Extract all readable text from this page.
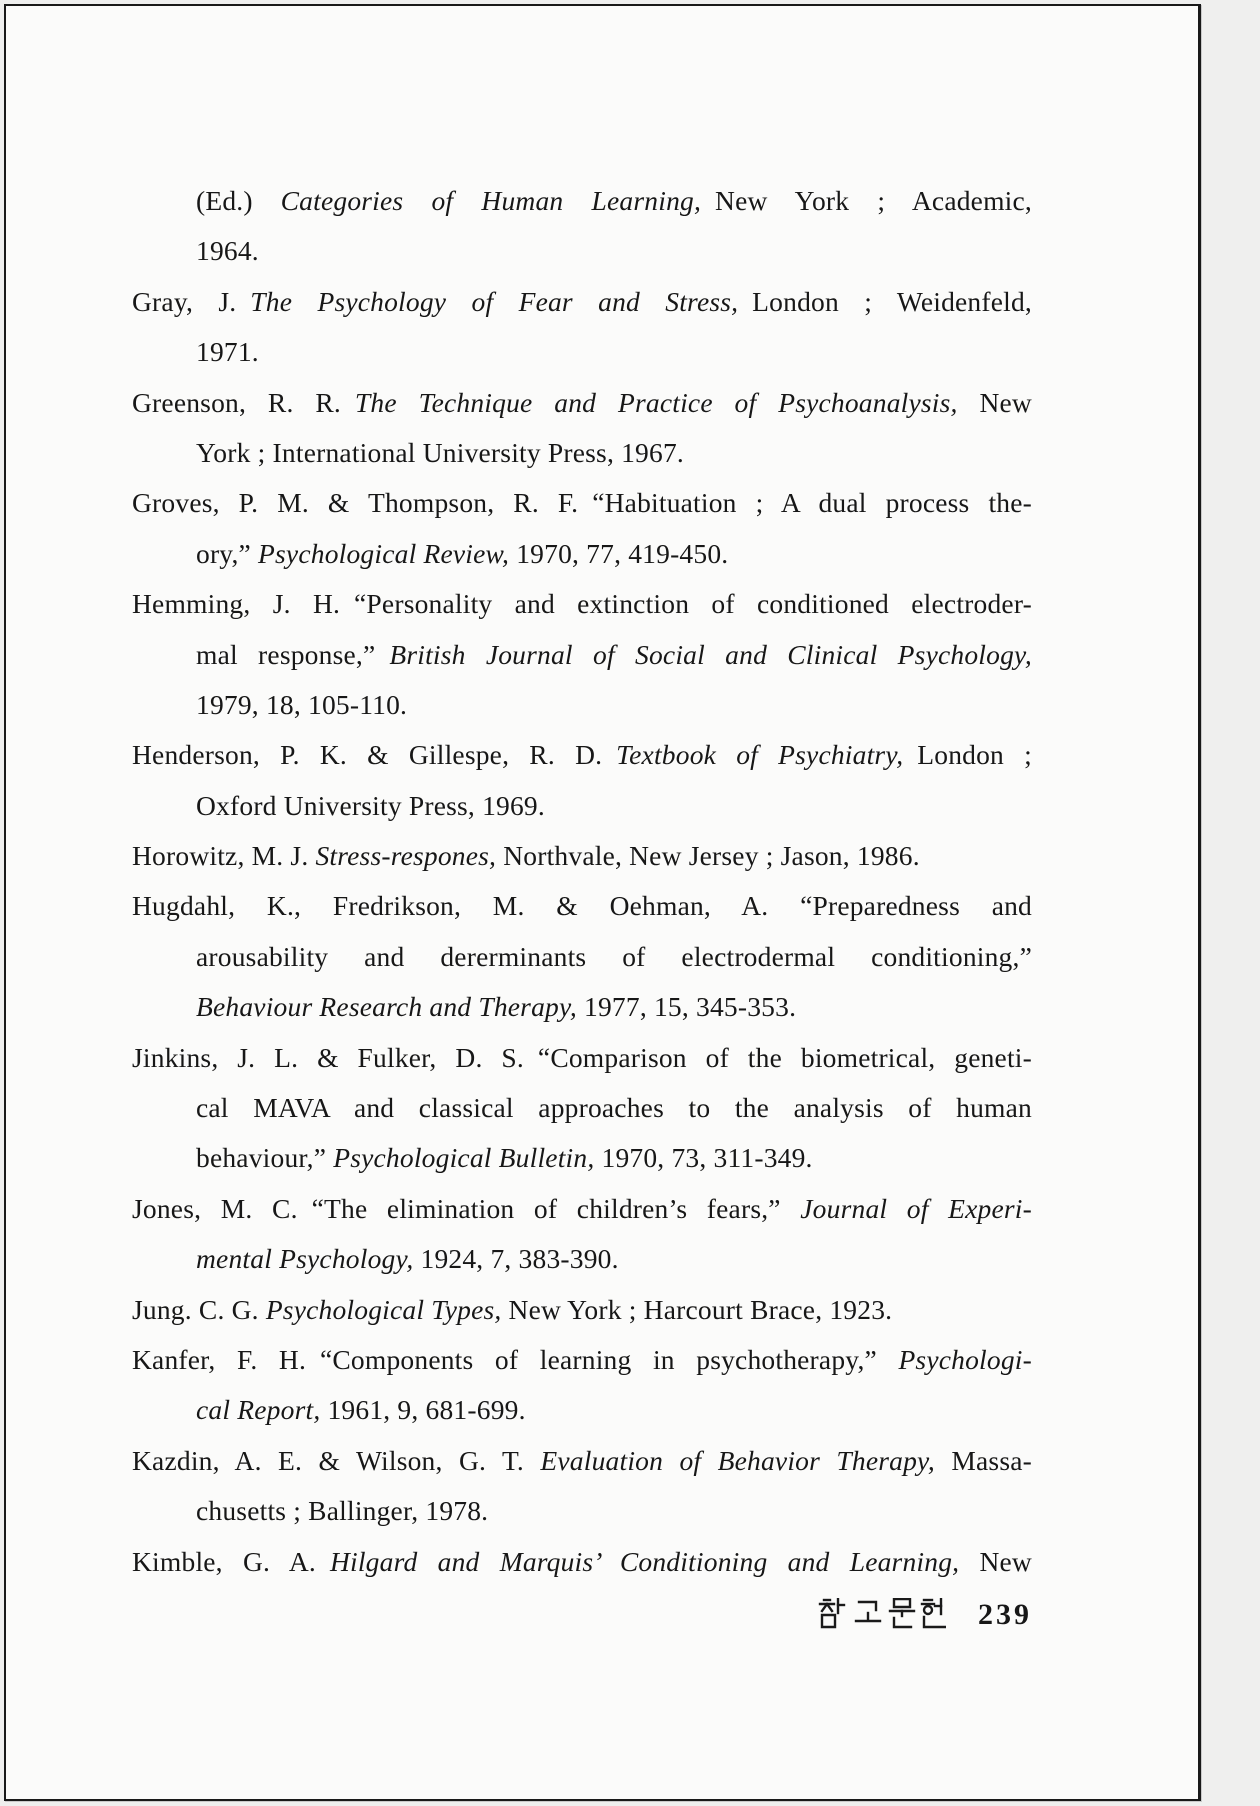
(Ed.)  Categories of Human Learning, New York ; Academic,
1964.
Gray, J. The Psychology of Fear and Stress, London ; Weidenfeld,
1971.
Greenson, R. R. The Technique and Practice of Psychoanalysis, New
York ; International University Press, 1967.
Groves, P. M. & Thompson, R. F. “Habituation ; A dual process the-
ory,” Psychological Review, 1970, 77, 419-450.
Hemming, J. H. “Personality and extinction of conditioned electroder-
mal response,” British Journal of Social and Clinical Psychology,
1979, 18, 105-110.
Henderson, P. K. & Gillespe, R. D. Textbook of Psychiatry, London ;
Oxford University Press, 1969.
Horowitz, M. J. Stress-respones, Northvale, New Jersey ; Jason, 1986.
Hugdahl, K., Fredrikson, M. & Oehman, A. “Preparedness and
arousability and dererminants of electrodermal conditioning,”
Behaviour Research and Therapy, 1977, 15, 345-353.
Jinkins, J. L. & Fulker, D. S. “Comparison of the biometrical, geneti-
cal MAVA and classical approaches to the analysis of human
behaviour,” Psychological Bulletin, 1970, 73, 311-349.
Jones, M. C. “The elimination of children’s fears,” Journal of Experi-
mental Psychology, 1924, 7, 383-390.
Jung. C. G. Psychological Types, New York ; Harcourt Brace, 1923.
Kanfer, F. H. “Components of learning in psychotherapy,” Psychologi-
cal Report, 1961, 9, 681-699.
Kazdin, A. E. & Wilson, G. T. Evaluation of Behavior Therapy, Massa-
chusetts ; Ballinger, 1978.
Kimble, G. A. Hilgard and Marquis’ Conditioning and Learning, New
239
